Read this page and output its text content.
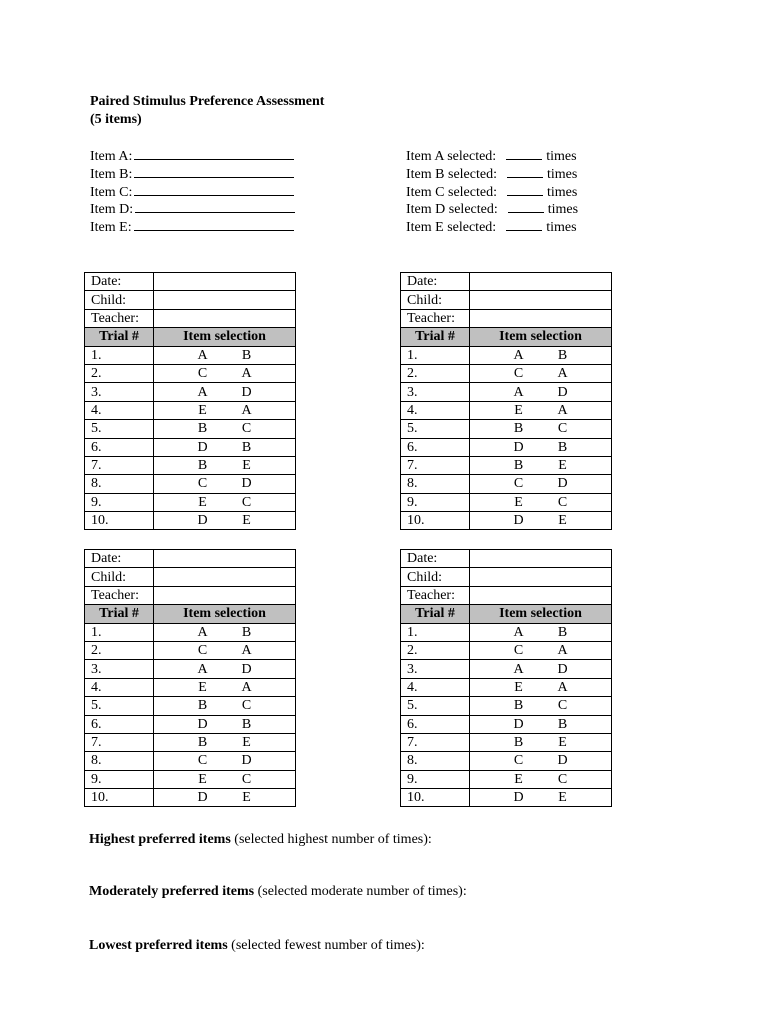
Paired Stimulus Preference Assessment
(5 items)
Item A:
Item B:
Item C:
Item D:
Item E:
Item A selected:	times
Item B selected:	times
Item C selected:	times
Item D selected:	times
Item E selected:	times
Date:	
Child:	
Teacher:	
Trial #	Item selection
1.	A B

2.	C A

3.	A D

4.	E A

5.	B C

6.	D B

7.	B E

8.	C D

9.	E C

10.	D E
Date:	
Child:	
Teacher:	
Trial #	Item selection
1.	A B

2.	C A

3.	A D

4.	E A

5.	B C

6.	D B

7.	B E

8.	C D

9.	E C

10.	D E
Date:	
Child:	
Teacher:	
Trial #	Item selection
1.	A B

2.	C A

3.	A D

4.	E A

5.	B C

6.	D B

7.	B E

8.	C D

9.	E C

10.	D E
Date:	
Child:	
Teacher:	
Trial #	Item selection
1.	A B

2.	C A

3.	A D

4.	E A

5.	B C

6.	D B

7.	B E

8.	C D

9.	E C

10.	D E
Highest preferred items (selected highest number of times):
Moderately preferred items (selected moderate number of times):
Lowest preferred items (selected fewest number of times):
